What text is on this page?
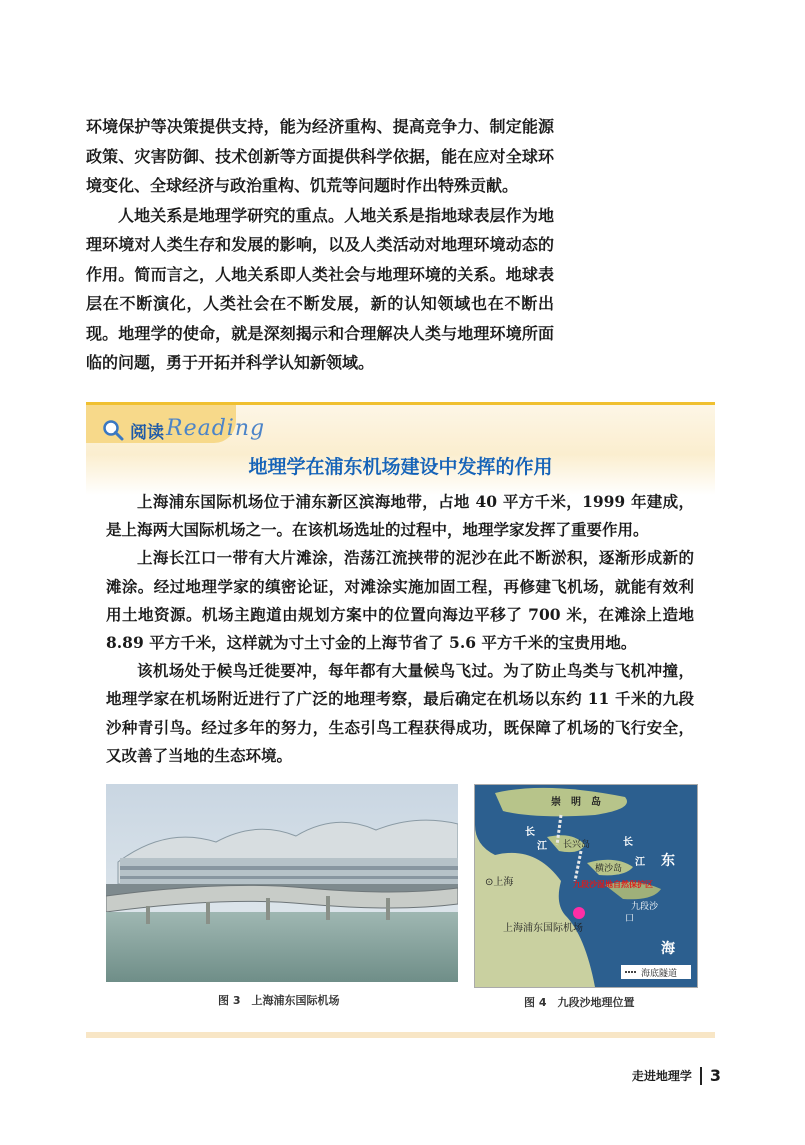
环境保护等决策提供支持，能为经济重构、提高竞争力、制定能源政策、灾害防御、技术创新等方面提供科学依据，能在应对全球环境变化、全球经济与政治重构、饥荒等问题时作出特殊贡献。

人地关系是地理学研究的重点。人地关系是指地球表层作为地理环境对人类生存和发展的影响，以及人类活动对地理环境动态的作用。简而言之，人地关系即人类社会与地理环境的关系。地球表层在不断演化，人类社会在不断发展，新的认知领域也在不断出现。地理学的使命，就是深刻揭示和合理解决人类与地理环境所面临的问题，勇于开拓并科学认知新领域。

阅读 Reading
地理学在浦东机场建设中发挥的作用

上海浦东国际机场位于浦东新区滨海地带，占地 40 平方千米，1999 年建成，是上海两大国际机场之一。在该机场选址的过程中，地理学家发挥了重要作用。

上海长江口一带有大片滩涂，浩荡江流挟带的泥沙在此不断淤积，逐渐形成新的滩涂。经过地理学家的缜密论证，对滩涂实施加固工程，再修建飞机场，就能有效利用土地资源。机场主跑道由规划方案中的位置向海边平移了 700 米，在滩涂上造地 8.89 平方千米，这样就为寸土寸金的上海节省了 5.6 平方千米的宝贵用地。

该机场处于候鸟迁徙要冲，每年都有大量候鸟飞过。为了防止鸟类与飞机冲撞，地理学家在机场附近进行了广泛的地理考察，最后确定在机场以东约 11 千米的九段沙种青引鸟。经过多年的努力，生态引鸟工程获得成功，既保障了机场的飞行安全，又改善了当地的生态环境。

图 3　上海浦东国际机场
崇　明　岛
长
江 长兴岛
横沙岛
长
江 东
⊙上海	九段沙湿地自然保护区
九段沙
口
上海浦东国际机场
海
海底隧道
图 4　九段沙地理位置
走进地理学 3
